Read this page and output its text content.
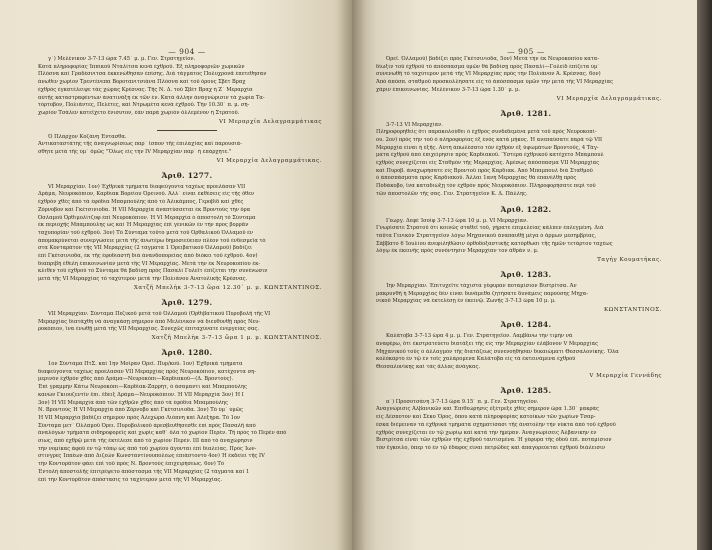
— 904 —
γ΄) Μελένικον 3-7-13 ὥρα 7.45΄ μ. μ. Γεν. Στρατηγεῖον.
Κατὰ πληροφορίας Ἱππικοῦ Νταλίτσα κενὰ ἐχθροῦ. Ἐξ πληροφοριῶν χωρικῶν
Πλόσνα καὶ Γραδέσνιτσα ἐκκενώθησαν ἐπίσης. Διὰ τάγματος Πολυχρονᾶ ἐπετεθησαν
ἀνωθεν χωρίον Τρεντένεπα Βοροτανιτσιάνα Πλόσνα καὶ τοῦ ὅρους Σβέτ Βραχ
ἐχθρὸς ἐγκατέλειψε τὰς χώρας Κρέσνας. Τῆς Ν. Δ. τοῦ Σβέτ Βραχ ἡ Ζ΄ Μεραρχία
αὐτῆς καταστραφέντων ἀνατινάξη ἐκ τῶν ἐν. Κατὰ ἄλλην ἀναγνώρισιν τὰ χωρία Τα-
τόρτοβον, Πολιάντες, Πελέτες, καὶ Ντρωμέτα κενὰ ἐχθροῦ. Τὴν 10.30΄ π. μ. σή-
χωρίον Τσάλεν κατεῖχετο ἔνισυτον, ἐὰν παρὰ χωριὸν ὅλλεμένον ἢ Στρατοῦ.
VI Μεραρχία Δελαγραμμάτικας
Ὁ Πλαρχον Κοζάνη Ἐντασθα.
Ἀντικαταστάτης τῆς ἀναγνωρίσεως παρ΄ ἴσπον τῆς ἐπιλαχίας καὶ παρουσιά-
σθήτε μετὰ τῆς ὑμ΄ ὅμῶς "Ὅλως εἰς τὴν ΙV Μεραρχίαν παρ΄ ἡ ἐπάρχητε."
VI Μεραρχία Δελαγραμμάτικας.
Ἀριθ. 1277.
VI Μεραρχίαν. 1ον) Ἐχθρικά τμήματα διαφεύγοντα ταχέως προελάσαν VII
Δράμα, Νευροκόπιον, Καρδιακ Βορείου Ὁρεινοῦ. Ἀλλ΄ εἶναι ἐκθέσεις εἰς τῆς ὅθεν
ἐχθρὸν χθὲς ἀπὸ τὰ ἐφόδια Μπαμπούλης ἀπὸ τὸ Ἀλικάμπος, Γεροβίδ καὶ χθὲς
Ζόρνοβον καὶ Γκέτσινιοδα. Ἡ VII Μεραρχία ἀναπτύσσεται ἐκ Βροντούς τὴν ὄρα
Ὀσλαμοῦ Ὀρθιμολίτζοφ ἐπί Νευροκόπιον. Ἡ VI Μεραρχία ὁ ἀποστολὴ τὸ Σύνταμα
ἐκ περιοχῆς Μπαμπούλης ὡς καὶ Ἡ Μεραρχίας ἐπὶ γενικῶν ἐν τὴν προς βορρᾶν
ταχυπορίαν τοῦ ἐχθροῦ. 3ον) Τὸ Σύνταμα τοῦτο μετὰ τοῦ Ὀρθαλικοῦ Ὀλλαμοῦ ἐν
ἀπομακρύνεται συνεργώσειε μετὰ τῆς ἀνωτέρω δημοσιεύειαν πλέον τοῦ ἐνδεσμεῖα τὸ
στα Κονταράτον τῆς VII Μεραρχίας (2 τάγματα 1 Ὀρειβατικοῦ Ὀλλαμοῦ) βαδίζει
ἐπὶ Γκέτσινιοδα, ἐκ τῆς ἐφοδιαστῆ διὰ ἀνανδοπορείας ἀπὸ διόκει τοῦ ἐχθροῦ. 4ον)
διαπριβὴ ἐθελὴ ἐπικοινωνίαν μετὰ τῆς VI Μεραρχίας. Μετὰ τὴν ἐκ Νευροκοπίου ἐκ-
κλιθεν τοῦ ἐχθροῦ τὸ Σύνταμα θὰ βαδίσῃ πρὸς Πασαλὶ Γολεῖτ ἐπίζεται τὴν συνένωσιν
μετὰ τῆς VI Μεραρχίας τὸ ταχύτερον μετὰ τὴν Πολιάνου Ἀνατολικῆς Κρέσνας.
Χατζῆ Μπελὴκ 3-7-13 ὥρα 12.30΄ μ. μ. ΚΩΝΣΤΑΝΤΙΝΟΣ.
Ἀριθ. 1279.
VII Μεραρχίαν. Σύνταμα Πεζικοῦ μετὰ τοῦ Ὀλλαμοῦ (Ὀρθιβατικοῦ Πυροβολῆ τῆς VI
Μεραρχίας διατάχθη νὰ ἀναγκάσῃ σήμερον ἀπὸ Μελένικον νὰ διευθυνθῇ πρὸς Νευ-
ροκόπιον, ἵνα ἐνωθῇ μετὰ τῆς VII Μεραρχίας. Συνεχῶς ἐπιταχύνατε ἐνεργείας σας.
Χατζῆ Μπελὴκ 3-7-13 ὥρα 1 μ. μ. ΚΩΝΣΤΑΝΤΙΝΟΣ.
Ἀριθ. 1280.
1ον Σύνταμα ΠτΣ. καὶ 1ην Μοῖραν Ὀρεῖ. Πυρ/κοῦ. 1ον) Ἐχθρικὰ τμήματα
διαφεύγοντα ταχέως προέλασαν VII Μεραρχίας πρὸς Νευροκόπιον, κατέχοντα ση-
μερινὸν ἐχθρὸν χθὲς ἀπὸ Δράμα—Νευροκόπι—Καρδιακοῦ—(Δ. Βροντούς).
Ἐπὶ γραμμὴν Κάτω Νευροκόπι—Καρδίακ-Ζαρρήτ, ὁ ἀσαμαντι καὶ Μπαμπούλης
κανὼν Γκιουζεντῖν ἔπι. ἔδειξ Δράμα—Νευροκόπιον. Ἡ VII Μεραρχία 3ον) Ἡ Ι
3ον) Ἡ VII Μεραρχία ἀπὸ τῶν ἐχθρῶν χθὲς ἀπὸ τὰ ἐφόδια Μπαμπούλης
Ν. Βροντούς Ἡ VI Μεραρχία ἀπὸ Ζόρνοβο καὶ Γκέτσινιοδα. 3ον) Τὸ ὑμ΄ ὑμῶς
Ἡ VII Μεραρχία βαδίζει σήμερον πρὸς Ἀλεχώρα Λιόπνη καὶ Ἀλεξήρα. Τὸ 1ον
Σύνταμα μετ΄ Ὀλλαμοῦ Ὀρει. Πυροβολικοῦ ἀρεσβευθήσεσθε ἐπὶ πρὸς Πασαλῆ ἀπὸ
ἀναλόγων τμήματα σιδηροφορεῖς καὶ χωρὶς καθ΄ ὅλα τὸ χωρίον Περέν. Τῆ πρὸς τὸ Περὲν ἀπὸ
σιως, ἀπὸ ἐχθρῷ μετὰ τῆς ἐκτέλεσε ἀπὸ τὸ χωρίον Περὲν. ΙΙΙ ἀπὸ τὸ ἀναχώρησιν
τὴν νομίκας ἀφοῦ ἐν τῷ τόπῳ ὡς ἀπὸ τοῦ χωρίου ἄγονται ἐπὶ διαλείας. Πρὸς Ἰων-
στινγρες Ἰππέων ἀπὸ Διζεών Κωνσταντίνουπολεως ἐπιάστοντο 4ον) Ἡ ἐκδείει τῆς ΙV
τὴν Κοντορὰτον φάει ἐπὶ τοῦ πρὸς Ν. Βροντοὺς ἐπιχειρήσεως. 6ον) Τὸ
Ἐντολὴ ἀποστολῆς ἐπιτρέψετο ἀπόστασμα τῆς VII Μεραρχίας (2 τάγματα καὶ 1
ἐπὶ τὴν Κοντορᾶτον ἀπόστασις τὸ ταχύτερον μετὰ τῆς VI Μεραρχίας.
— 905 —
Ὀρεῖ. Ὀλλαμοῦ) βαδίζει πρὸς Γκέτσινιοδα, 5ον) Μετὰ τὴν ἐκ Νευροκοπίου κατα-
δίωξιν τοῦ ἐχθροῦ τὸ ἀπόσπασμα ὑμῶν θὰ βαδίσῃ πρὸς Πασαλὶ—Γολεὶδ ἐπίζετα ὑμ΄
συνενωθῆ τὸ ταχύτερον μετὰ τῆς VI Μεραρχίας πρὸς τὴν Πολιάνον Ἀ. Κρέσνας. 6ον)
Ἀπὸ ἀπόσπ. σταθμοῦ προσκολλήσατε εἰς τὸ ἀπόσπασμα ὑμῶν τὴν μετὰ τῆς VI Μεραρχίας
χάριν ἐπικοινωνίας. Μελένικον 3-7-13 ὥρα 1.30΄ μ. μ.
VI Μεραρχία Δελαγραμμάτικας.
Ἀριθ. 1281.
3-7-13 VI Μεραρχίαν.
Πληροφορηθεὶς ὅτι παρακολούθει ὁ ἐχθρὸς συνδεδεμένα μετὰ τοῦ πρὸς Νευροκοπί-
ου. 2ον) πρὸς τὴν τοῦ ὁ πληροφορίας ἐξ ἑνὸς κατὰ μήκος. Ἡ ανεπαύσατε παρὰ τῷ VII
Μεραρχία εἶναι ἡ ἐξῆς. Αὐτὴ ἀπωλέσατο τὸν ἐχθρὸν ἐξ ὕψωμάτων Βροντοῦς, 4 Τάγ-
ματα ἐχθροῦ ἀπὸ ἐπιχείρησιν πρὸς Καρδιακοῦ. Ὕστερα ἐχθρικοῦ κατέχετο Μπαμπουλ
ἐχθρὸς συνεχίζεται εἰς Σταθμὸν τῆς Μεραρχίας. Ἀμέσως ἀπόσπασμα VII Μεραρχίας
καὶ Πυροβ. ἀναχωρήσατε εἰς Βροντοῦ πρὸς Καρδιακ. Ἀπὸ Μπαμπουλ διὰ Σταθμοῦ
ὁ ἀποσπάσματα πρὸς Καρδιακοῦ. Ἄλλαι 1ανή Μεραρχίας θὰ ἐπανέλθῃ πρὸς
Ποδάκοβο, ἵνα καταδιώξῃ τὸν ἐχθρὸν πρὸς Νευροκόπιον. Πληροφορήσατε περὶ τοῦ
τῶν ἀποστολῶν τῆς σας. Γεν. Στρατηγεῖον Κ. Δ. Πάλλης.
Ἀριθ. 1282.
Γεωργ. Δεφέ Ἰσοίφ 3-7-13 ὥρα 10 μ. μ. VI Μεραρχίαν.
Γνωρίσατε Στρατοῦ ὅτι κοινῶς σταθεῖ τοῦ, γήρατε ἐπιμελείας κάλπεν ἐπλεγμένη. Διὰ
ταῦτα Γενικὸν Στρατηγεῖον λόγω Μηχανικοῦ ἀναπαυθῇ μέγα ὁ ἄρμων μεσημβρίας,
Σάββατο 6 Ἰουλίου ἀνεφιληθῶσιν ὀρθοδοξαστικῆς κατόρθωσι τῆς ἡμῶν τετάρτου ταχέως
λόγῳ ἐκ ἐκεινῆς πρὸς συνόντησιν Μεραρχίαν τον ἀθρὰν ν. μ.
Ταγήγ Κουματήκας.
Ἀριθ. 1283.
Ἰην Μεραρχίαν. Ἐπιτυχεῖτε τάχιστα γέφυραν ποταμίσιον Βιστρίτσα. Ἀν
μακρυνθῆ ἡ Μεραρχίας δὲν εἶναι δυνάμεθα ζητήσατε δυνάμεις παρούσης Μηχα-
νικοῦ Μεραρχίας νὰ ἐκτελέσῃ ἐν ἐκεινῷ. Ζωνῆς 3-7-13 ὥρα 10 μ. μ.
ΚΩΝΣΤΑΝΤΙΝΟΣ.
Ἀριθ. 1284.
Καλάτοβα 3-7-13 ὥρα 4 μ. μ. Γεν. Στρατηγεῖον. Λαμβάνω τὴν τιμὴν νὰ
ἀναφέρω, ὅτι ἐκστρατεύετο διατάξει τῆς εἰς τὴν Μεραρχίαν ἐλάβονον V Μεραρχίας
Μηχανικοῦ τοῦς ὁ ἀλλαγμὸν τῆς διατάζεως συνενοήθησαν δικαιώματι Θεσσαλονίκης. Ὅλα
κολόκαρτο ἐν τῷ ἐν τοῖς χαλάρομενα Καλάτοβα εἰς τὰ ἐκτεινάμενα ἐχθροῦ
Θεσσαλονίκης καὶ τὰς ἄλλας ἀνάγκας.
V Μεραρχία Γεννάδης
Ἀριθ. 1285.
α΄) Προσοτσάνη 3-7-13 ὥρα 9.15΄ π. μ. Γεν. Στρατηγεῖον.
Ἀναγνώρισις Ἀλβανικῶν καὶ Ἐπιθεώρησις ἐξέτρεξε χθὲς σήμερον ὥρα 1.30΄ μακρὰς
εἰς Δέσποτον καὶ Σέκο Ὄρος, ὅπου κατὰ πληροφορίας κατοίκων τῶν χωρίων Τσαρ-
έσκα διέμειναν τὰ ἐχθρικὰ τμήματα σχηματίσασι τῆς ἀνατολὴν τὴν νύκτα ἀπὸ τοῦ ἐχθροῦ
ἐχθρὸς συνεχίζεται ἐν τῷ χωρίῳ καὶ κατὰ τὴν ἡμέραν. Ἀναγνωρίσεις Ἀλβανικὴν ἐν
Βιστρίτσα εἶναι τῶν ἐχθρῶν τῆς ἐχθροῦ ταυτισμένα. Ἡ γέφυρα τῆς ὁδοῦ ἐπὶ. ποταμίσιον
τὸν ἔγκοιλο, ὅπερ τὸ ἐν τῷ ἔδαφος εἶναι πετρῶδες καὶ ἀπαγορεύεται ἐχθροῦ διάλεισιν
